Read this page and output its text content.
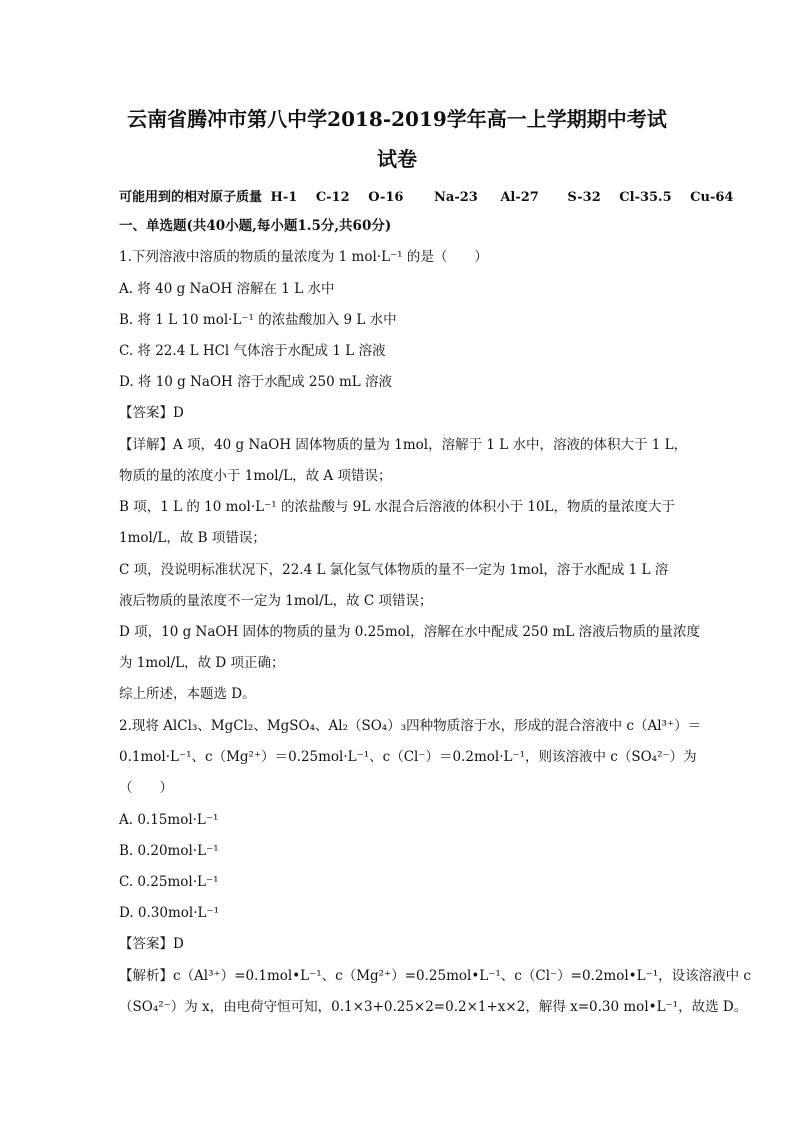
云南省腾冲市第八中学2018-2019学年高一上学期期中考试
试卷
可能用到的相对原子质量 H-1 C-12 O-16 Na-23 Al-27 S-32 Cl-35.5 Cu-64
一、单选题(共40小题,每小题1.5分,共60分)
1.下列溶液中溶质的物质的量浓度为 1 mol·L⁻¹ 的是（　　）
A. 将 40 g NaOH 溶解在 1 L 水中
B. 将 1 L 10 mol·L⁻¹ 的浓盐酸加入 9 L 水中
C. 将 22.4 L HCl 气体溶于水配成 1 L 溶液
D. 将 10 g NaOH 溶于水配成 250 mL 溶液
【答案】D
【详解】A 项，40 g NaOH 固体物质的量为 1mol，溶解于 1 L 水中，溶液的体积大于 1 L，
物质的量的浓度小于 1mol/L，故 A 项错误；
B 项，1 L 的 10 mol·L⁻¹ 的浓盐酸与 9L 水混合后溶液的体积小于 10L，物质的量浓度大于
1mol/L，故 B 项错误；
C 项，没说明标准状况下，22.4 L 氯化氢气体物质的量不一定为 1mol，溶于水配成 1 L 溶
液后物质的量浓度不一定为 1mol/L，故 C 项错误；
D 项，10 g NaOH 固体的物质的量为 0.25mol，溶解在水中配成 250 mL 溶液后物质的量浓度
为 1mol/L，故 D 项正确；
综上所述，本题选 D。
2.现将 AlCl₃、MgCl₂、MgSO₄、Al₂（SO₄）₃四种物质溶于水，形成的混合溶液中 c（Al³⁺）＝
0.1mol·L⁻¹、c（Mg²⁺）＝0.25mol·L⁻¹、c（Cl⁻）＝0.2mol·L⁻¹，则该溶液中 c（SO₄²⁻）为
（　　）
A. 0.15mol·L⁻¹
B. 0.20mol·L⁻¹
C. 0.25mol·L⁻¹
D. 0.30mol·L⁻¹
【答案】D
【解析】c（Al³⁺）=0.1mol•L⁻¹、c（Mg²⁺）=0.25mol•L⁻¹、c（Cl⁻）=0.2mol•L⁻¹，设该溶液中 c
（SO₄²⁻）为 x，由电荷守恒可知，0.1×3+0.25×2=0.2×1+x×2，解得 x=0.30 mol•L⁻¹，故选 D。
